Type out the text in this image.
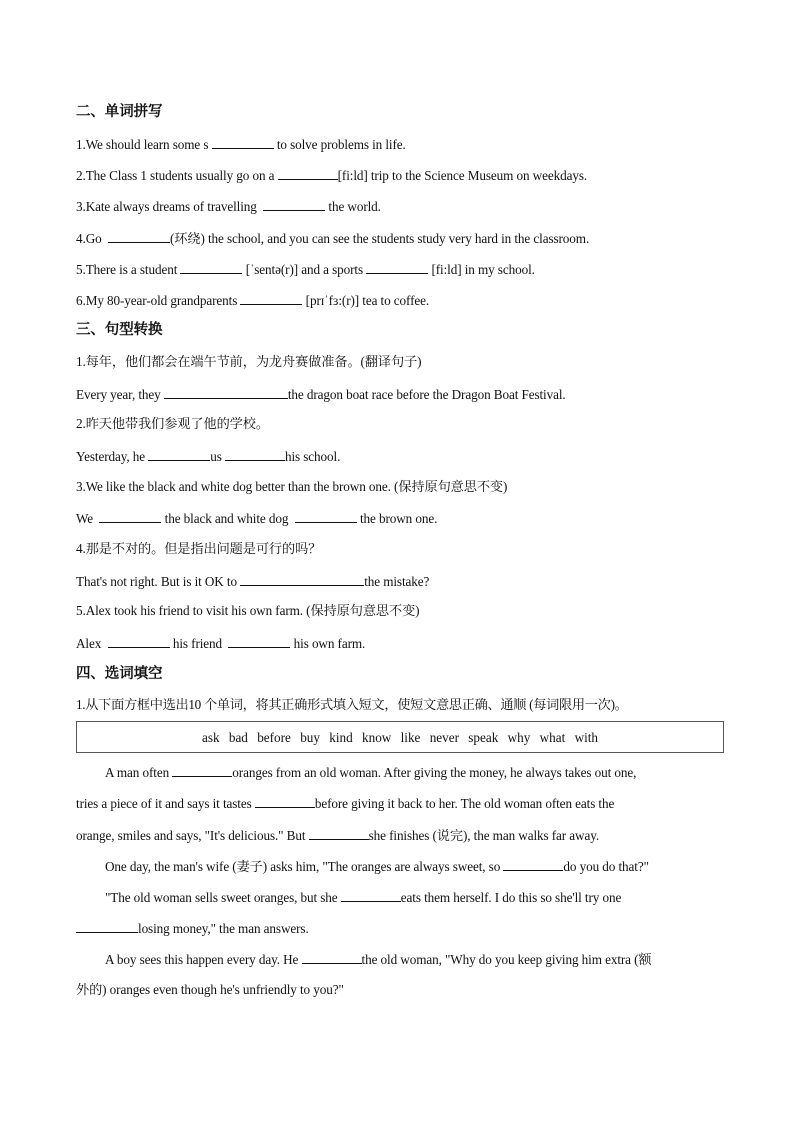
二、单词拼写
1.We should learn some s	to solve problems in life.
2.The Class 1 students usually go on a	[fi:ld] trip to the Science Museum on weekdays.
3.Kate always dreams of travelling	the world.
4.Go	(环绕) the school, and you can see the students study very hard in the classroom.
5.There is a student	[ˈsentə(r)] and a sports	[fi:ld] in my school.
6.My 80-year-old grandparents	[prɪˈfɜ:(r)] tea to coffee.
三、句型转换
1.每年，他们都会在端午节前，为龙舟赛做准备。(翻译句子)
Every year, they	the dragon boat race before the Dragon Boat Festival.
2.昨天他带我们参观了他的学校。
Yesterday, he	us	his school.
3.We like the black and white dog better than the brown one. (保持原句意思不变)
We	the black and white dog	the brown one.
4.那是不对的。但是指出问题是可行的吗？
That's not right. But is it OK to	the mistake?
5.Alex took his friend to visit his own farm. (保持原句意思不变)
Alex	his friend	his own farm.
四、选词填空
1.从下面方框中选出10 个单词，将其正确形式填入短文，使短文意思正确、通顺 (每词限用一次)。
ask bad before buy kind know like never speak why what with
A man often	oranges from an old woman. After giving the money, he always takes out one,
tries a piece of it and says it tastes	before giving it back to her. The old woman often eats the
orange, smiles and says, "It's delicious." But	she finishes (说完), the man walks far away.
One day, the man's wife (妻子) asks him, "The oranges are always sweet, so	do you do that?"
"The old woman sells sweet oranges, but she	eats them herself. I do this so she'll try one
losing money," the man answers.
A boy sees this happen every day. He	the old woman, "Why do you keep giving him extra (额
外的) oranges even though he's unfriendly to you?"
